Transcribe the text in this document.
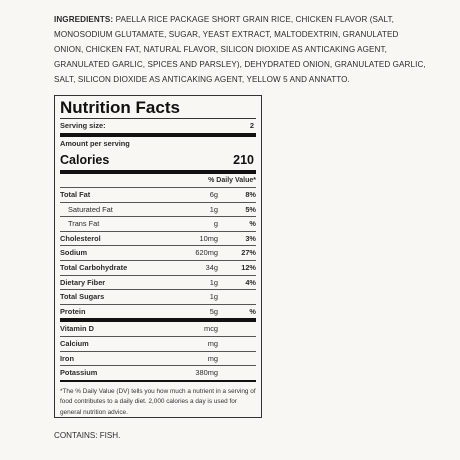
INGREDIENTS: PAELLA RICE PACKAGE SHORT GRAIN RICE, CHICKEN FLAVOR (SALT, MONOSODIUM GLUTAMATE, SUGAR, YEAST EXTRACT, MALTODEXTRIN, GRANULATED ONION, CHICKEN FAT, NATURAL FLAVOR, SILICON DIOXIDE AS ANTICAKING AGENT, GRANULATED GARLIC, SPICES AND PARSLEY), DEHYDRATED ONION, GRANULATED GARLIC, SALT, SILICON DIOXIDE AS ANTICAKING AGENT, YELLOW 5 AND ANNATTO.
Nutrition Facts
Serving size:	2
Amount per serving
Calories	210
% Daily Value*
Total Fat	6g	8%
Saturated Fat	1g	5%
Trans Fat	g	%
Cholesterol	10mg	3%
Sodium	620mg	27%
Total Carbohydrate	34g	12%
Dietary Fiber	1g	4%
Total Sugars	1g
Protein	5g	%
Vitamin D	mcg
Calcium	mg
Iron	mg
Potassium	380mg
*The % Daily Value (DV) tells you how much a nutrient in a serving of food contributes to a daily diet. 2,000 calories a day is used for general nutrition advice.
CONTAINS: FISH.
